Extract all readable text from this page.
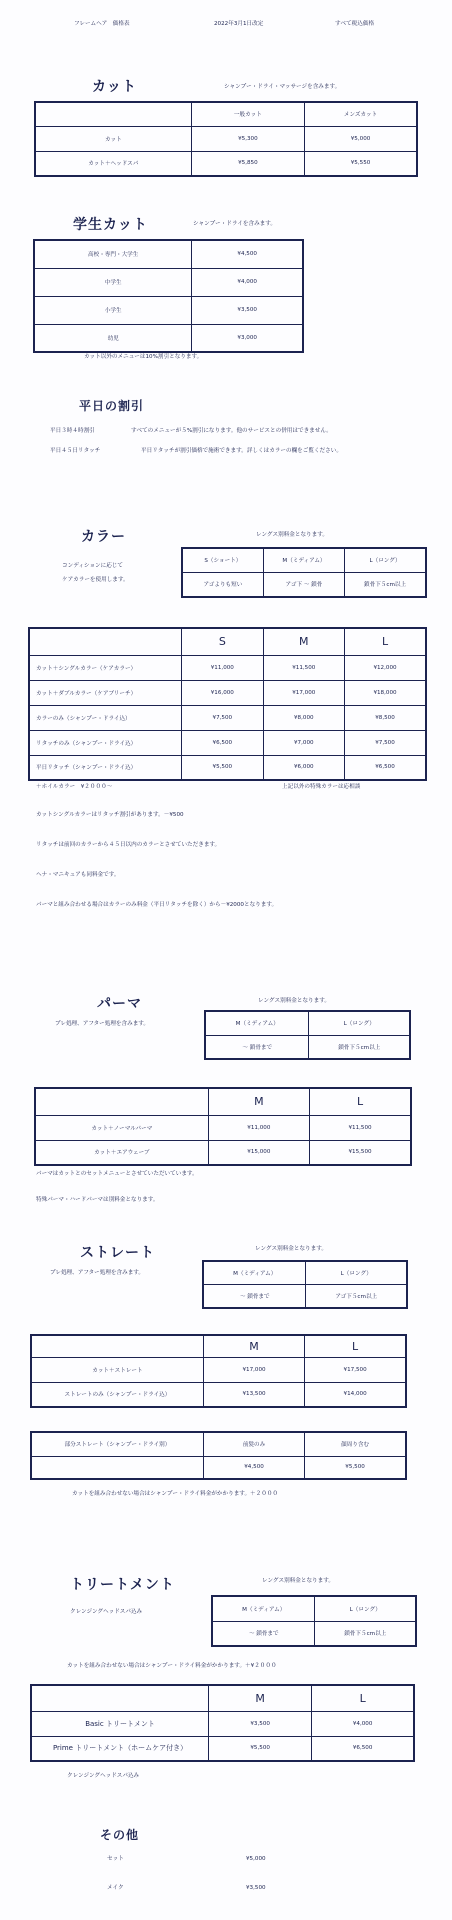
フレームヘア　価格表	2022年3月1日改定	すべて税込価格
カット	シャンプー・ドライ・マッサージを含みます。
	一般カット	メンズカット
カット	¥5,300	¥5,000
カット＋ヘッドスパ	¥5,850	¥5,550
学生カット	シャンプー・ドライを含みます。
高校・専門・大学生	¥4,500
中学生	¥4,000
小学生	¥3,500
幼児	¥3,000
カット以外のメニューは10%割引となります。
平日の割引
平日３時４時割引	すべてのメニューが５%割引になります。他のサービスとの併用はできません。
平日４５日リタッチ	平日リタッチが割引価格で施術できます。詳しくはカラーの欄をご覧ください。
カラー	レングス別料金となります。
コンディションに応じて
ケアカラーを使用します。
S（ショート）	M（ミディアム）	L（ロング）
アゴよりも短い	アゴ下 ～ 鎖骨	鎖骨下５cm以上
	S	M	L
カット＋シングルカラー（ケアカラー）	¥11,000	¥11,500	¥12,000
カット＋ダブルカラー（ケアブリーチ）	¥16,000	¥17,000	¥18,000
カラーのみ（シャンプー・ドライ込）	¥7,500	¥8,000	¥8,500
リタッチのみ（シャンプー・ドライ込）	¥6,500	¥7,000	¥7,500
平日リタッチ（シャンプー・ドライ込）	¥5,500	¥6,000	¥6,500
＋ホイルカラー　¥２０００～	上記以外の特殊カラーは応相談
カットシングルカラーはリタッチ割引があります。－¥500
リタッチは前回のカラーから４５日以内のカラーとさせていただきます。
ヘナ・マニキュアも同料金です。
パーマと組み合わせる場合はカラーのみ料金（平日リタッチを除く）から－¥2000となります。
パーマ	レングス別料金となります。
プレ処理、アフター処理を含みます。	M（ミディアム）	L（ロング）
～ 鎖骨まで	鎖骨下５cm以上
	M	L
カット＋ノーマルパーマ	¥11,000	¥11,500
カット＋エアウェーブ	¥15,000	¥15,500
パーマはカットとのセットメニューとさせていただいています。
特殊パーマ・ハードパーマは別料金となります。
ストレート	レングス別料金となります。
プレ処理、アフター処理を含みます。	M（ミディアム）	L（ロング）
～ 鎖骨まで	アゴ下５cm以上
	M	L
カット＋ストレート	¥17,000	¥17,500
ストレートのみ（シャンプー・ドライ込）	¥13,500	¥14,000
部分ストレート（シャンプー・ドライ別）	前髪のみ	顔周り含む
	¥4,500	¥5,500
カットを組み合わせない場合はシャンプー・ドライ料金がかかります。＋２０００
トリートメント	レングス別料金となります。
クレンジングヘッドスパ込み	M（ミディアム）	L（ロング）
～ 鎖骨まで	鎖骨下５cm以上
カットを組み合わせない場合はシャンプー・ドライ料金がかかります。＋¥２０００
	M	L
Basic トリートメント	¥3,500	¥4,000
Prime トリートメント（ホームケア付き）	¥5,500	¥6,500
クレンジングヘッドスパ込み
その他
セット	¥5,000
メイク	¥3,500
